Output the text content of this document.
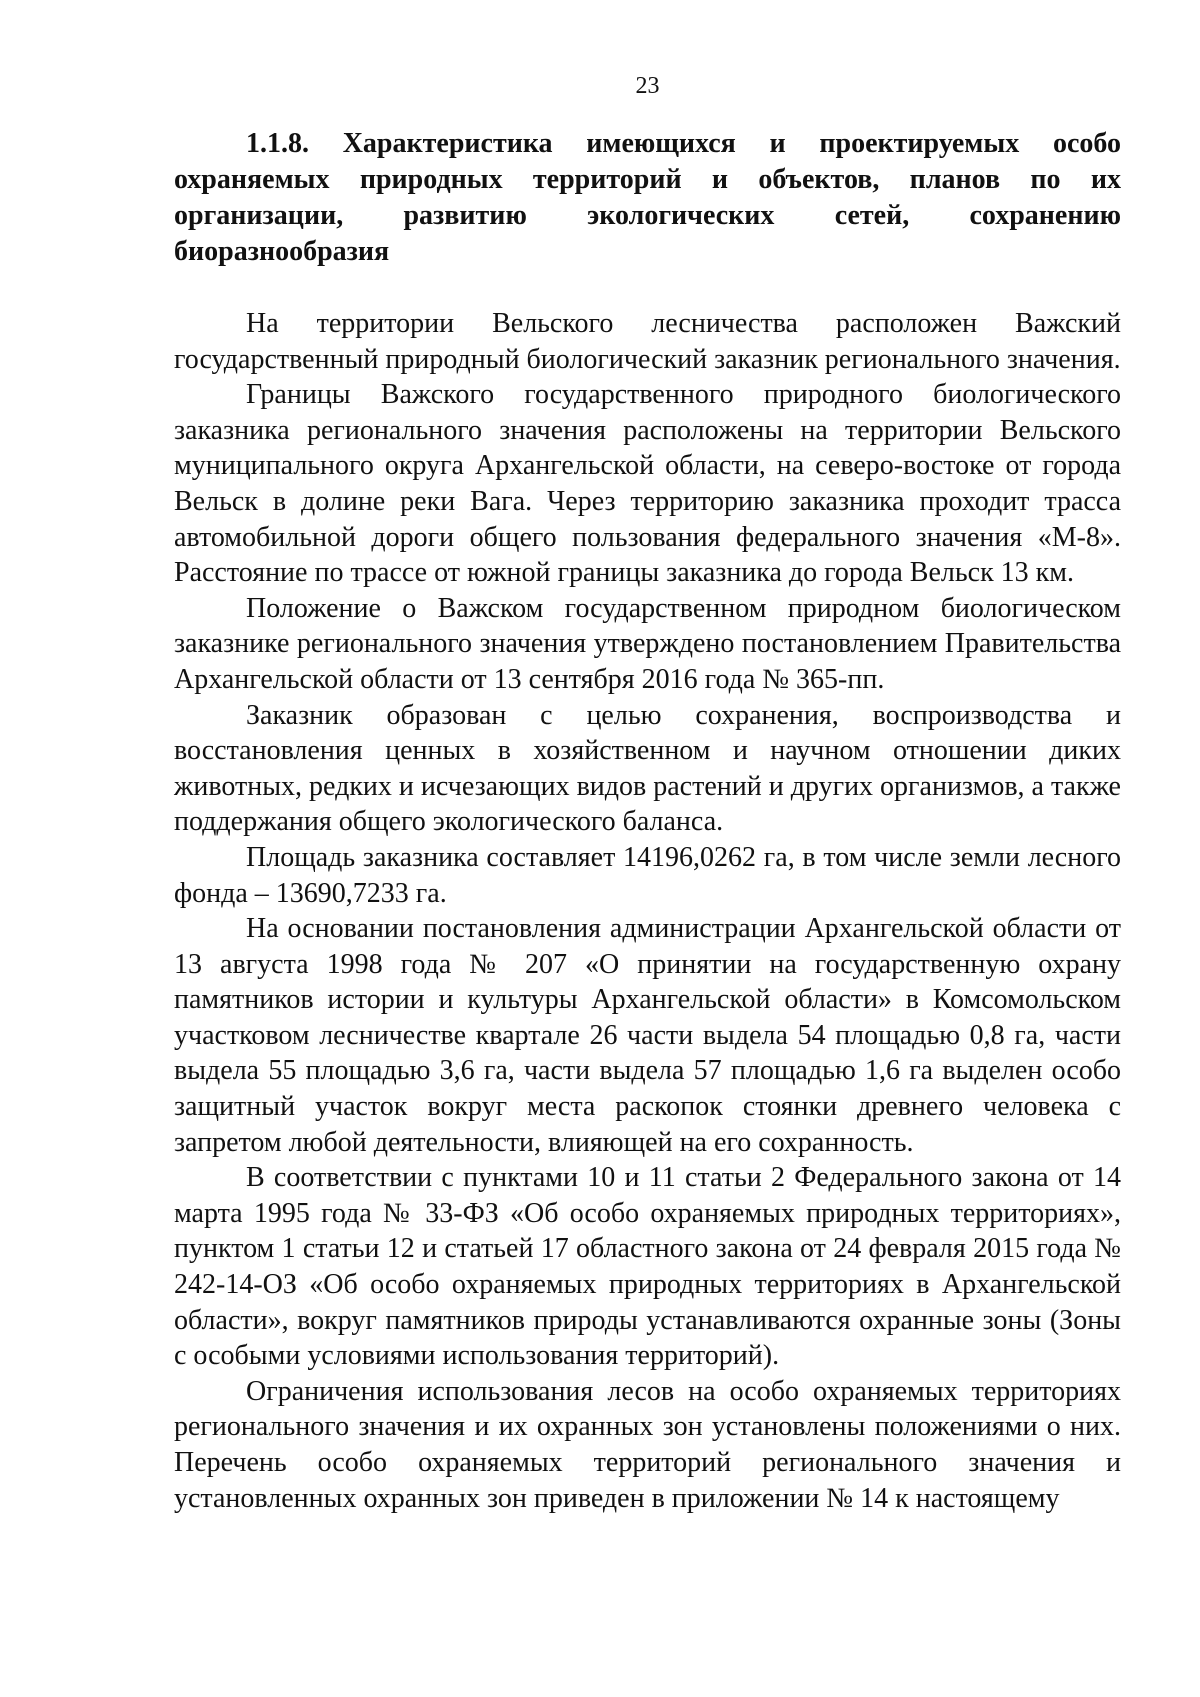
23
1.1.8. Характеристика имеющихся и проектируемых особо охраняемых природных территорий и объектов, планов по их организации, развитию экологических сетей, сохранению биоразнообразия

На территории Вельского лесничества расположен Важский государственный природный биологический заказник регионального значения.

Границы Важского государственного природного биологического заказника регионального значения расположены на территории Вельского муниципального округа Архангельской области, на северо-востоке от города Вельск в долине реки Вага. Через территорию заказника проходит трасса автомобильной дороги общего пользования федерального значения «М-8». Расстояние по трассе от южной границы заказника до города Вельск 13 км.

Положение о Важском государственном природном биологическом заказнике регионального значения утверждено постановлением Правительства Архангельской области от 13 сентября 2016 года № 365-пп.

Заказник образован с целью сохранения, воспроизводства и восстановления ценных в хозяйственном и научном отношении диких животных, редких и исчезающих видов растений и других организмов, а также поддержания общего экологического баланса.

Площадь заказника составляет 14196,0262 га, в том числе земли лесного фонда – 13690,7233 га.

На основании постановления администрации Архангельской области от 13 августа 1998 года № 207 «О принятии на государственную охрану памятников истории и культуры Архангельской области» в Комсомольском участковом лесничестве квартале 26 части выдела 54 площадью 0,8 га, части выдела 55 площадью 3,6 га, части выдела 57 площадью 1,6 га выделен особо защитный участок вокруг места раскопок стоянки древнего человека с запретом любой деятельности, влияющей на его сохранность.

В соответствии с пунктами 10 и 11 статьи 2 Федерального закона от 14 марта 1995 года № 33-ФЗ «Об особо охраняемых природных территориях», пунктом 1 статьи 12 и статьей 17 областного закона от 24 февраля 2015 года № 242-14-ОЗ «Об особо охраняемых природных территориях в Архангельской области», вокруг памятников природы устанавливаются охранные зоны (Зоны с особыми условиями использования территорий).

Ограничения использования лесов на особо охраняемых территориях регионального значения и их охранных зон установлены положениями о них. Перечень особо охраняемых территорий регионального значения и установленных охранных зон приведен в приложении № 14 к настоящему
